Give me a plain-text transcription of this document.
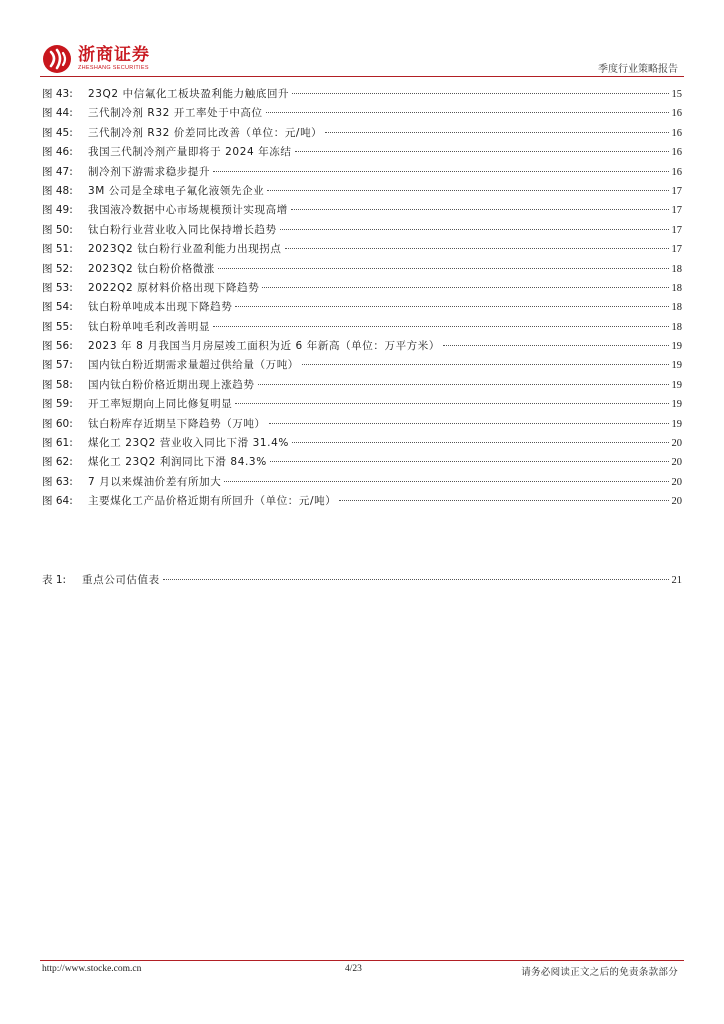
浙商证券
ZHESHANG SECURITIES	季度行业策略报告
图 43:	23Q2 中信氟化工板块盈利能力触底回升	15
图 44:	三代制冷剂 R32 开工率处于中高位	16
图 45:	三代制冷剂 R32 价差同比改善（单位：元/吨）	16
图 46:	我国三代制冷剂产量即将于 2024 年冻结	16
图 47:	制冷剂下游需求稳步提升	16
图 48:	3M 公司是全球电子氟化液领先企业	17
图 49:	我国液冷数据中心市场规模预计实现高增	17
图 50:	钛白粉行业营业收入同比保持增长趋势	17
图 51:	2023Q2 钛白粉行业盈利能力出现拐点	17
图 52:	2023Q2 钛白粉价格微涨	18
图 53:	2022Q2 原材料价格出现下降趋势	18
图 54:	钛白粉单吨成本出现下降趋势	18
图 55:	钛白粉单吨毛利改善明显	18
图 56:	2023 年 8 月我国当月房屋竣工面积为近 6 年新高（单位：万平方米）	19
图 57:	国内钛白粉近期需求量超过供给量（万吨）	19
图 58:	国内钛白粉价格近期出现上涨趋势	19
图 59:	开工率短期向上同比修复明显	19
图 60:	钛白粉库存近期呈下降趋势（万吨）	19
图 61:	煤化工 23Q2 营业收入同比下滑 31.4%	20
图 62:	煤化工 23Q2 利润同比下滑 84.3%	20
图 63:	7 月以来煤油价差有所加大	20
图 64:	主要煤化工产品价格近期有所回升（单位：元/吨）	20
表 1:	重点公司估值表	21
http://www.stocke.com.cn	4/23	请务必阅读正文之后的免责条款部分
